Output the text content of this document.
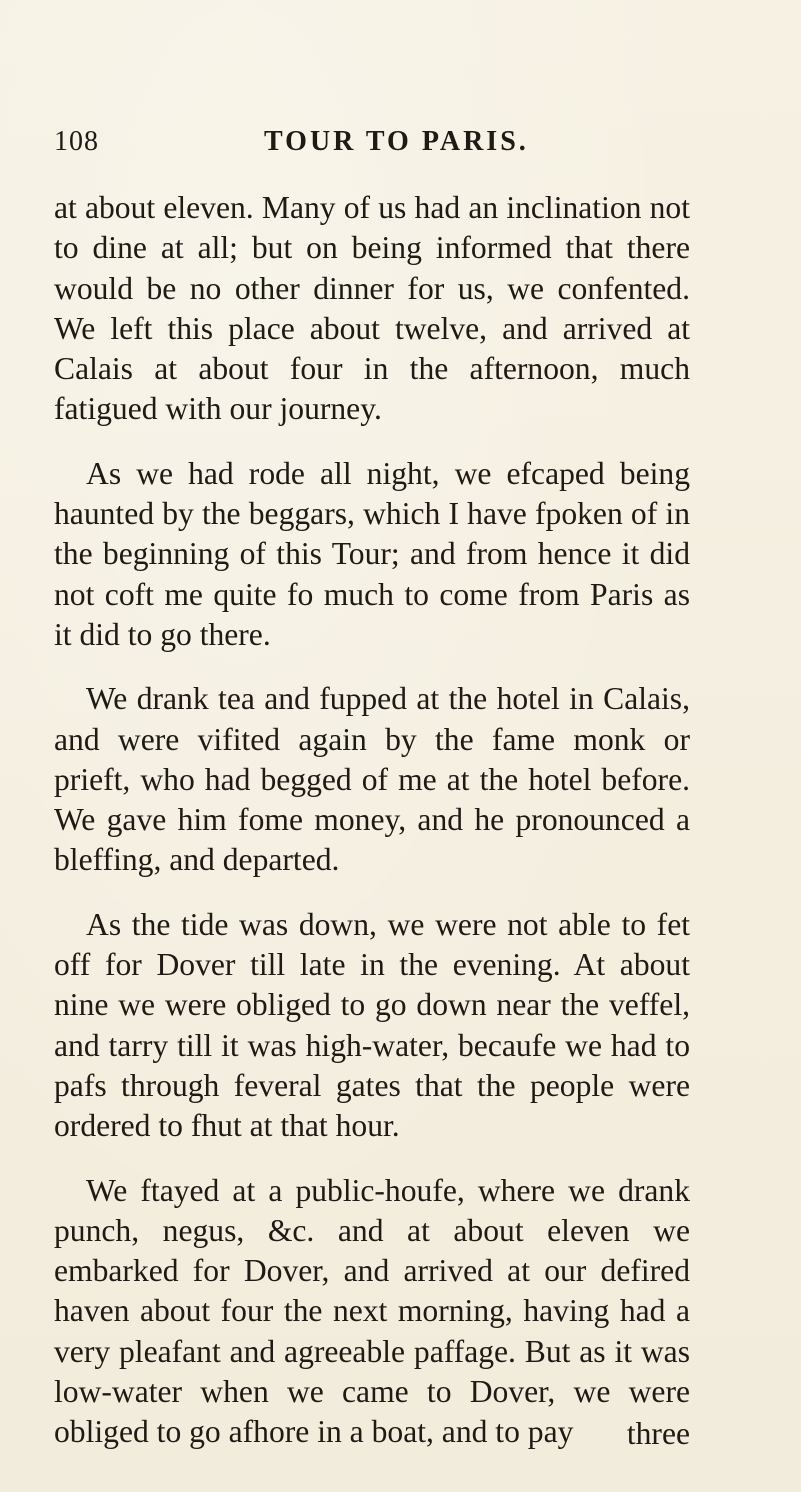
108	TOUR TO PARIS.

at about eleven. Many of us had an inclination not to dine at all; but on being informed that there would be no other dinner for us, we confented. We left this place about twelve, and arrived at Calais at about four in the afternoon, much fatigued with our journey.

As we had rode all night, we efcaped being haunted by the beggars, which I have fpoken of in the beginning of this Tour; and from hence it did not coft me quite fo much to come from Paris as it did to go there.

We drank tea and fupped at the hotel in Calais, and were vifited again by the fame monk or prieft, who had begged of me at the hotel before. We gave him fome money, and he pronounced a bleffing, and departed.

As the tide was down, we were not able to fet off for Dover till late in the evening. At about nine we were obliged to go down near the veffel, and tarry till it was high-water, becaufe we had to pafs through feveral gates that the people were ordered to fhut at that hour.

We ftayed at a public-houfe, where we drank punch, negus, &c. and at about eleven we embarked for Dover, and arrived at our defired haven about four the next morning, having had a very pleafant and agreeable paffage. But as it was low-water when we came to Dover, we were obliged to go afhore in a boat, and to pay	three
